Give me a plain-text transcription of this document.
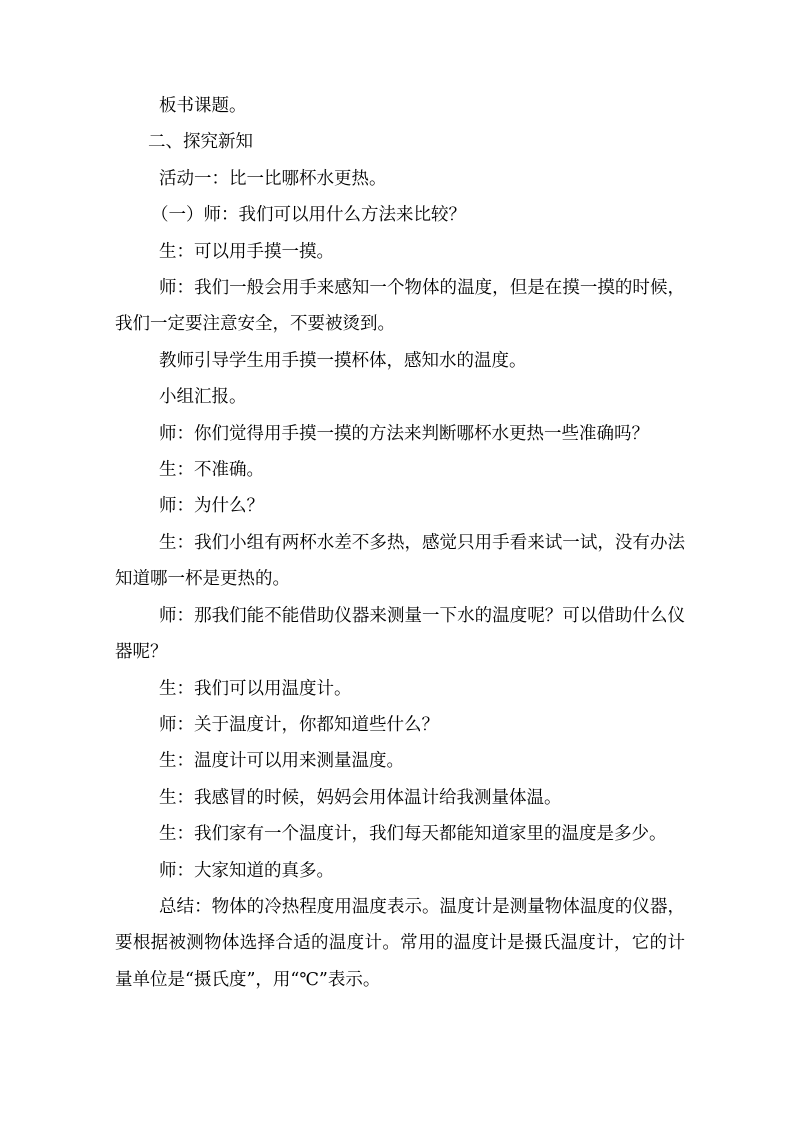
板书课题。

二、探究新知

活动一：比一比哪杯水更热。

（一）师：我们可以用什么方法来比较？

生：可以用手摸一摸。

师：我们一般会用手来感知一个物体的温度，但是在摸一摸的时候，我们一定要注意安全，不要被烫到。

教师引导学生用手摸一摸杯体，感知水的温度。

小组汇报。

师：你们觉得用手摸一摸的方法来判断哪杯水更热一些准确吗？

生：不准确。

师：为什么？

生：我们小组有两杯水差不多热，感觉只用手看来试一试，没有办法知道哪一杯是更热的。

师：那我们能不能借助仪器来测量一下水的温度呢？可以借助什么仪器呢？

生：我们可以用温度计。

师：关于温度计，你都知道些什么？

生：温度计可以用来测量温度。

生：我感冒的时候，妈妈会用体温计给我测量体温。

生：我们家有一个温度计，我们每天都能知道家里的温度是多少。

师：大家知道的真多。

总结：物体的冷热程度用温度表示。温度计是测量物体温度的仪器，要根据被测物体选择合适的温度计。常用的温度计是摄氏温度计，它的计量单位是“摄氏度”，用“℃”表示。
